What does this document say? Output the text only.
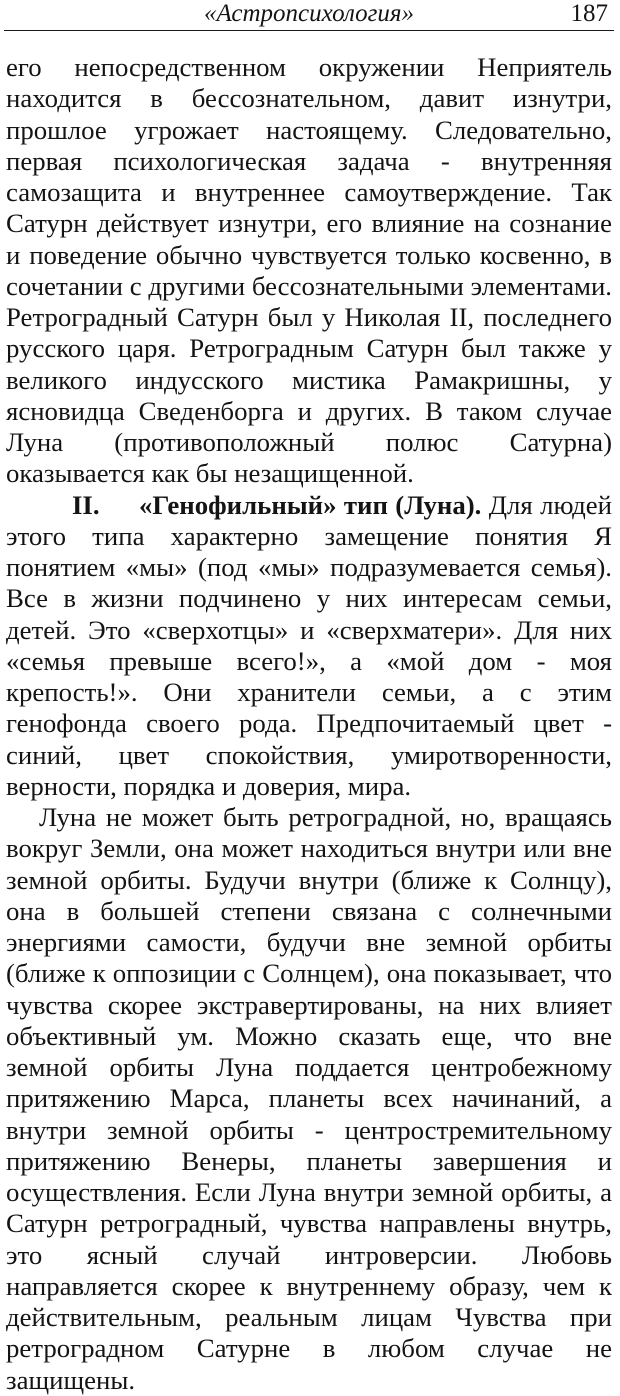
«Астропсихология»	187

его непосредственном окружении Неприятель находится в бессознательном, давит изнутри, прошлое угрожает настоящему. Следовательно, первая психологическая задача - внутренняя самозащита и внутреннее самоутверждение. Так Сатурн действует изнутри, его влияние на сознание и поведение обычно чувствуется только косвенно, в сочетании с другими бессознательными элементами. Ретроградный Сатурн был у Николая II, последнего русского царя. Ретроградным Сатурн был также у великого индусского мистика Рамакришны, у ясновидца Сведенборга и других. В таком случае Луна (противоположный полюс Сатурна) оказывается как бы незащищенной.

II. «Генофильный» тип (Луна). Для людей этого типа характерно замещение понятия Я понятием «мы» (под «мы» подразумевается семья). Все в жизни подчинено у них интересам семьи, детей. Это «сверхотцы» и «сверхматери». Для них «семья превыше всего!», а «мой дом - моя крепость!». Они хранители семьи, а с этим генофонда своего рода. Предпочитаемый цвет - синий, цвет спокойствия, умиротворенности, верности, порядка и доверия, мира.

Луна не может быть ретроградной, но, вращаясь вокруг Земли, она может находиться внутри или вне земной орбиты. Будучи внутри (ближе к Солнцу), она в большей степени связана с солнечными энергиями самости, будучи вне земной орбиты (ближе к оппозиции с Солнцем), она показывает, что чувства скорее экстравертированы, на них влияет объективный ум. Можно сказать еще, что вне земной орбиты Луна поддается центробежному притяжению Марса, планеты всех начинаний, а внутри земной орбиты - центростремительному притяжению Венеры, планеты завершения и осуществления. Если Луна внутри земной орбиты, а Сатурн ретроградный, чувства направлены внутрь, это ясный случай интроверсии. Любовь направляется скорее к внутреннему образу, чем к действительным, реальным лицам Чувства при ретроградном Сатурне в любом случае не защищены.
